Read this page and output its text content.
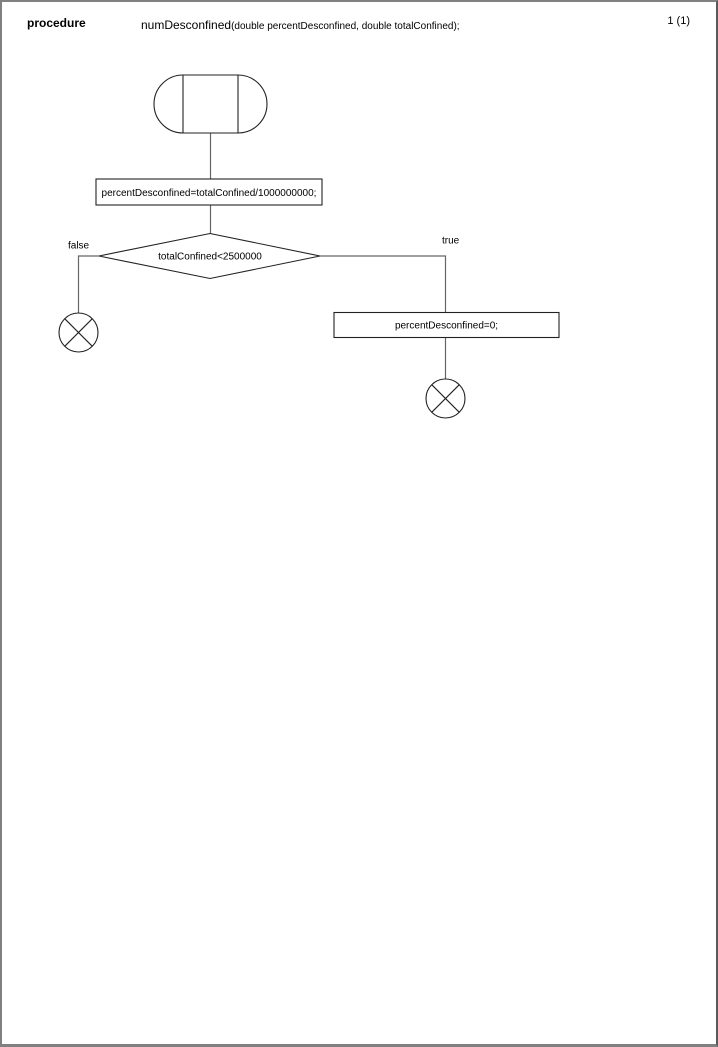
procedure	numDesconfined(double percentDesconfined, double totalConfined);	1 (1)
percentDesconfined=totalConfined/1000000000;
totalConfined<2500000
false	true
percentDesconfined=0;
